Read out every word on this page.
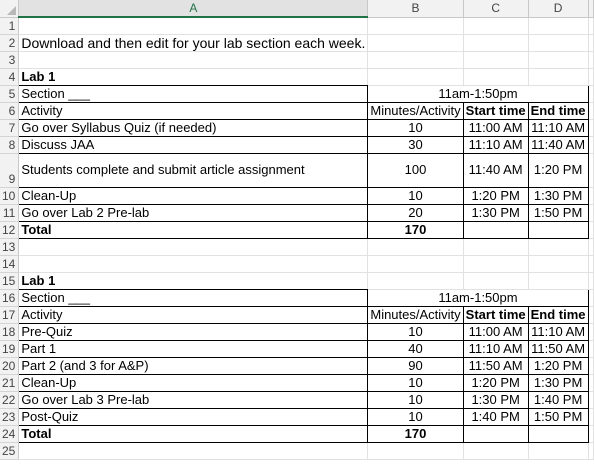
	A	B	C	D	
1					
2	Download and then edit for your lab section each week.				
3					
4	Lab 1				
5	Section ___	11am-1:50pm			
6	Activity	Minutes/Activity	Start time	End time	
7	Go over Syllabus Quiz (if needed)	10	11:00 AM	11:10 AM	
8	Discuss JAA	30	11:10 AM	11:40 AM	
9	Students complete and submit article assignment	100	11:40 AM	1:20 PM	
10	Clean-Up	10	1:20 PM	1:30 PM	
11	Go over Lab 2 Pre-lab	20	1:30 PM	1:50 PM	
12	Total	170			
13					
14					
15	Lab 1				
16	Section ___	11am-1:50pm			
17	Activity	Minutes/Activity	Start time	End time	
18	Pre-Quiz	10	11:00 AM	11:10 AM	
19	Part 1	40	11:10 AM	11:50 AM	
20	Part 2 (and 3 for A&P)	90	11:50 AM	1:20 PM	
21	Clean-Up	10	1:20 PM	1:30 PM	
22	Go over Lab 3 Pre-lab	10	1:30 PM	1:40 PM	
23	Post-Quiz	10	1:40 PM	1:50 PM	
24	Total	170			
25					
